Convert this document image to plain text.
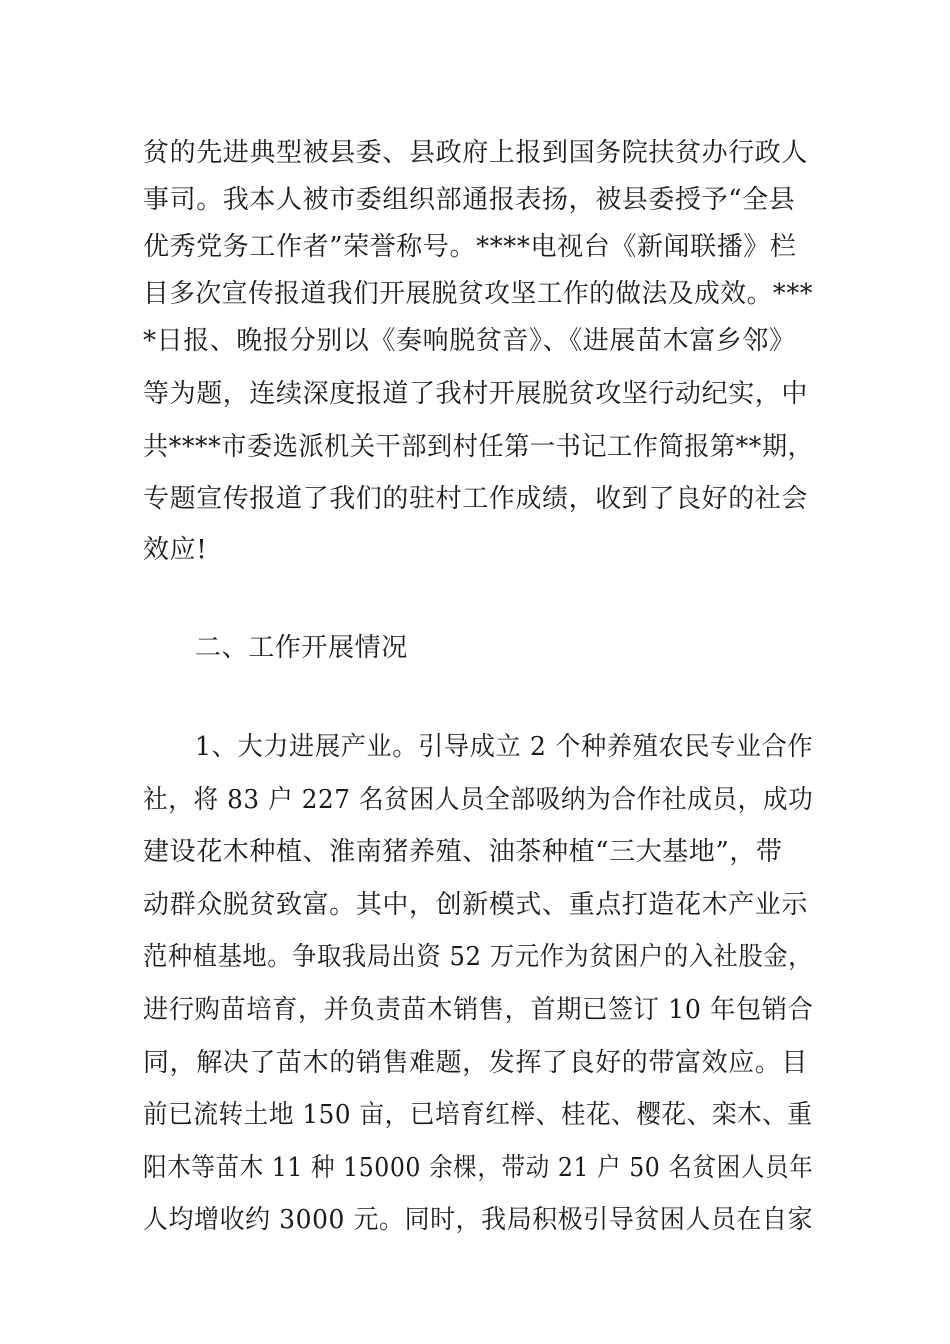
贫的先进典型被县委、县政府上报到国务院扶贫办行政人
事司。我本人被市委组织部通报表扬，被县委授予“全县
优秀党务工作者”荣誉称号。****电视台《新闻联播》栏
目多次宣传报道我们开展脱贫攻坚工作的做法及成效。***
*日报、晚报分别以《奏响脱贫音》、《进展苗木富乡邻》
等为题，连续深度报道了我村开展脱贫攻坚行动纪实，中
共****市委选派机关干部到村任第一书记工作简报第**期，
专题宣传报道了我们的驻村工作成绩，收到了良好的社会
效应!
二、工作开展情况
1、大力进展产业。引导成立 2 个种养殖农民专业合作
社，将 83 户 227 名贫困人员全部吸纳为合作社成员，成功
建设花木种植、淮南猪养殖、油茶种植“三大基地”，带
动群众脱贫致富。其中，创新模式、重点打造花木产业示
范种植基地。争取我局出资 52 万元作为贫困户的入社股金，
进行购苗培育，并负责苗木销售，首期已签订 10 年包销合
同，解决了苗木的销售难题，发挥了良好的带富效应。目
前已流转土地 150 亩，已培育红榉、桂花、樱花、栾木、重
阳木等苗木 11 种 15000 余棵，带动 21 户 50 名贫困人员年
人均增收约 3000 元。同时，我局积极引导贫困人员在自家
